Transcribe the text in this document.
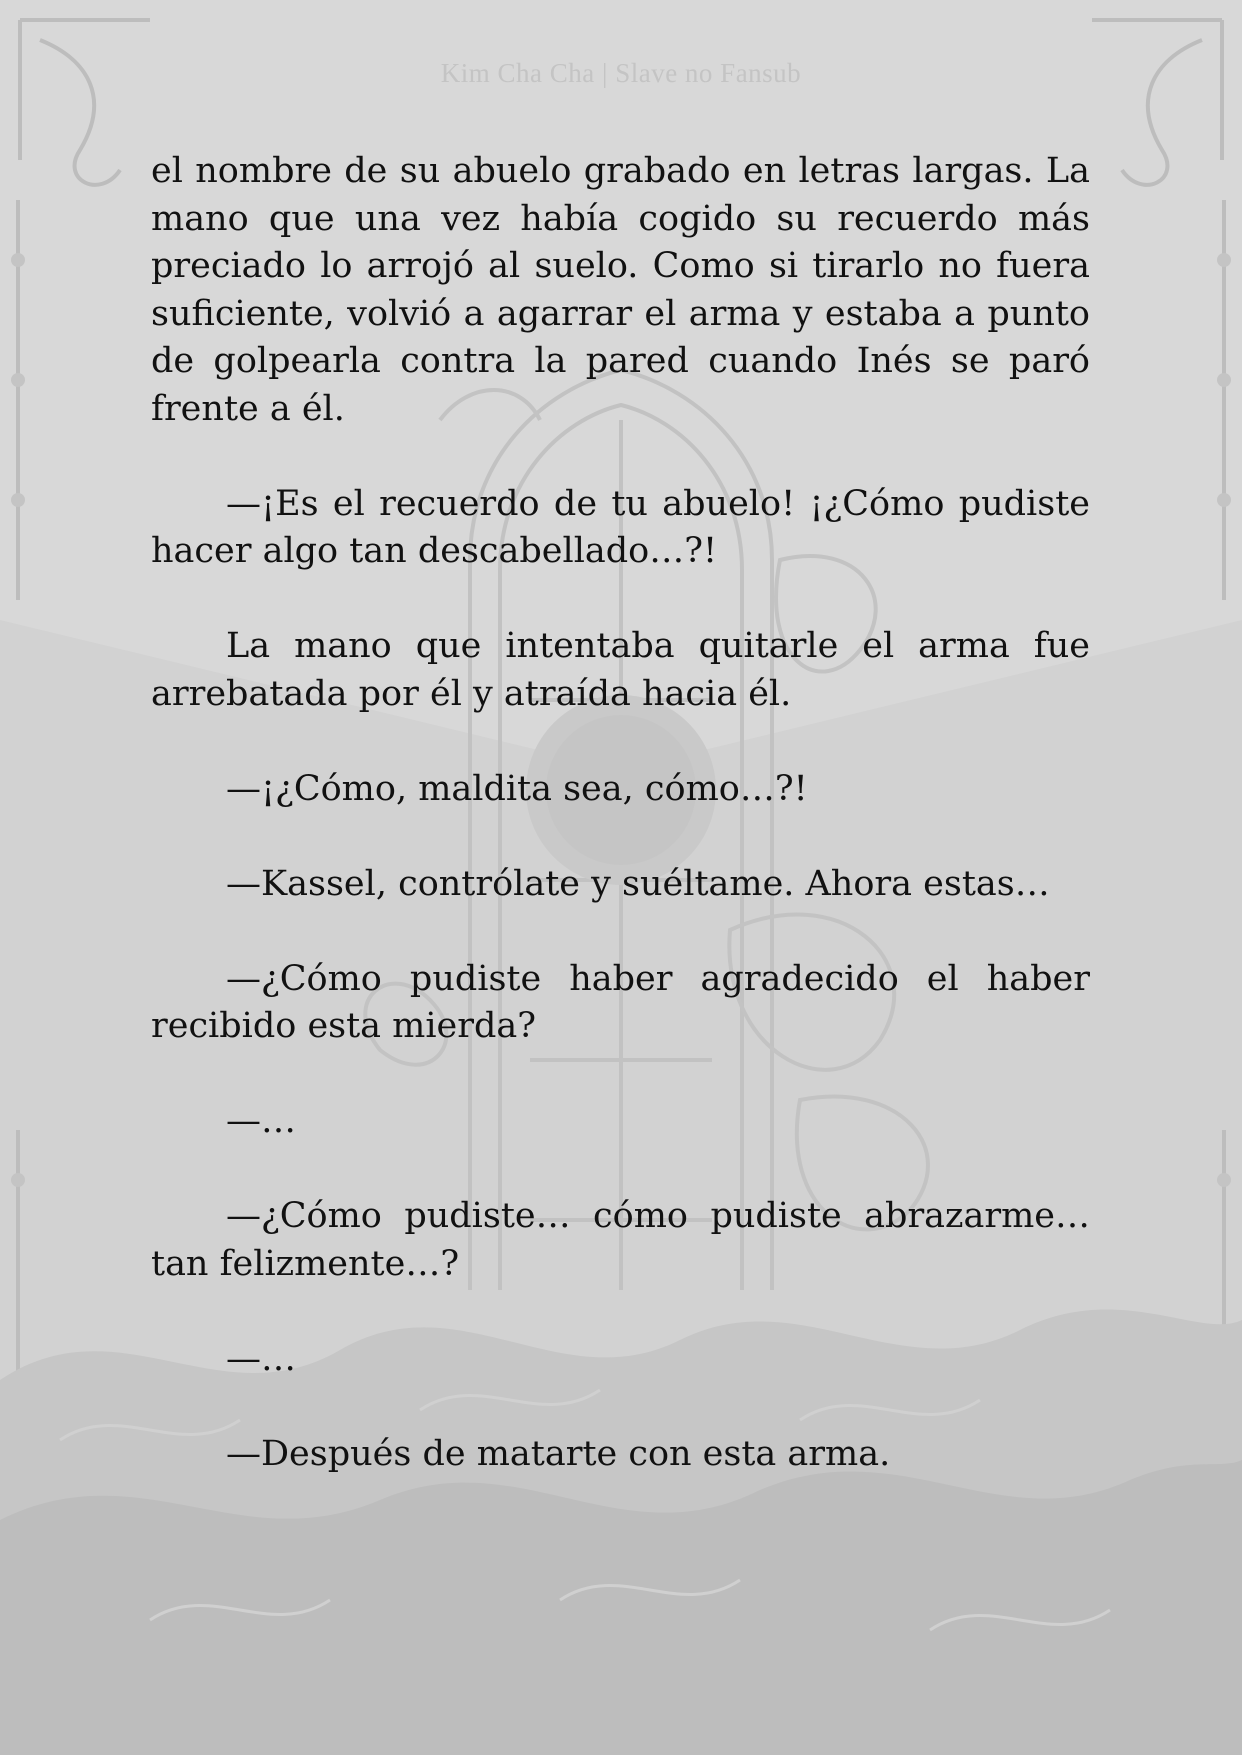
Kim Cha Cha | Slave no Fansub

el nombre de su abuelo grabado en letras largas. La mano que una vez había cogido su recuerdo más preciado lo arrojó al suelo. Como si tirarlo no fuera suficiente, volvió a agarrar el arma y estaba a punto de golpearla contra la pared cuando Inés se paró frente a él.

—¡Es el recuerdo de tu abuelo! ¡¿Cómo pudiste hacer algo tan descabellado…?!

La mano que intentaba quitarle el arma fue arrebatada por él y atraída hacia él.

—¡¿Cómo, maldita sea, cómo…?!

—Kassel, contrólate y suéltame. Ahora estas…

—¿Cómo pudiste haber agradecido el haber recibido esta mierda?

—…

—¿Cómo pudiste… cómo pudiste abrazarme… tan felizmente…?

—…

—Después de matarte con esta arma.
